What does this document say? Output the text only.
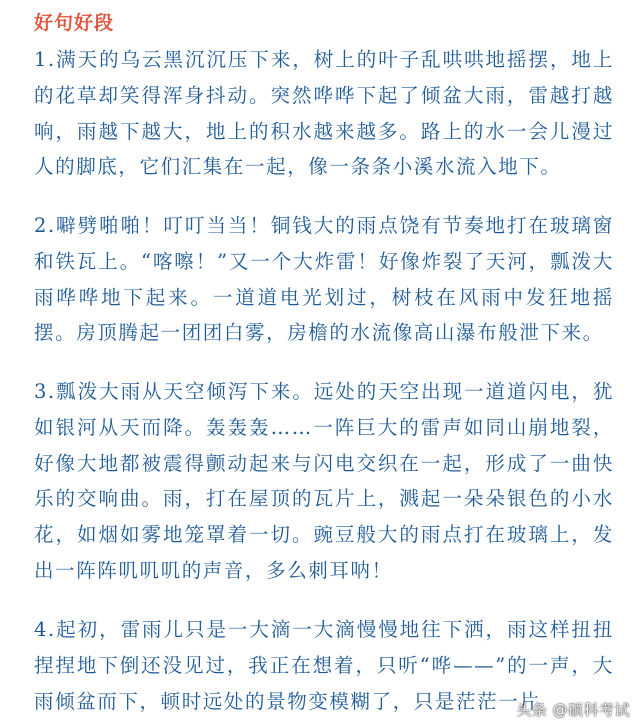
好句好段

1.满天的乌云黑沉沉压下来，树上的叶子乱哄哄地摇摆，地上的花草却笑得浑身抖动。突然哗哗下起了倾盆大雨，雷越打越响，雨越下越大，地上的积水越来越多。路上的水一会儿漫过人的脚底，它们汇集在一起，像一条条小溪水流入地下。

2.噼劈啪啪！叮叮当当！铜钱大的雨点饶有节奏地打在玻璃窗和铁瓦上。“喀嚓！”又一个大炸雷！好像炸裂了天河，瓢泼大雨哗哗地下起来。一道道电光划过，树枝在风雨中发狂地摇摆。房顶腾起一团团白雾，房檐的水流像高山瀑布般泄下来。

3.瓢泼大雨从天空倾泻下来。远处的天空出现一道道闪电，犹如银河从天而降。轰轰轰……一阵巨大的雷声如同山崩地裂，好像大地都被震得颤动起来与闪电交织在一起，形成了一曲快乐的交响曲。雨，打在屋顶的瓦片上，溅起一朵朵银色的小水花，如烟如雾地笼罩着一切。豌豆般大的雨点打在玻璃上，发出一阵阵叽叽叽的声音，多么刺耳呐！

4.起初，雷雨儿只是一大滴一大滴慢慢地往下洒，雨这样扭扭捏捏地下倒还没见过，我正在想着，只听“哗——”的一声，大雨倾盆而下，顿时远处的景物变模糊了，只是茫茫一片

头条 @硕科考试
